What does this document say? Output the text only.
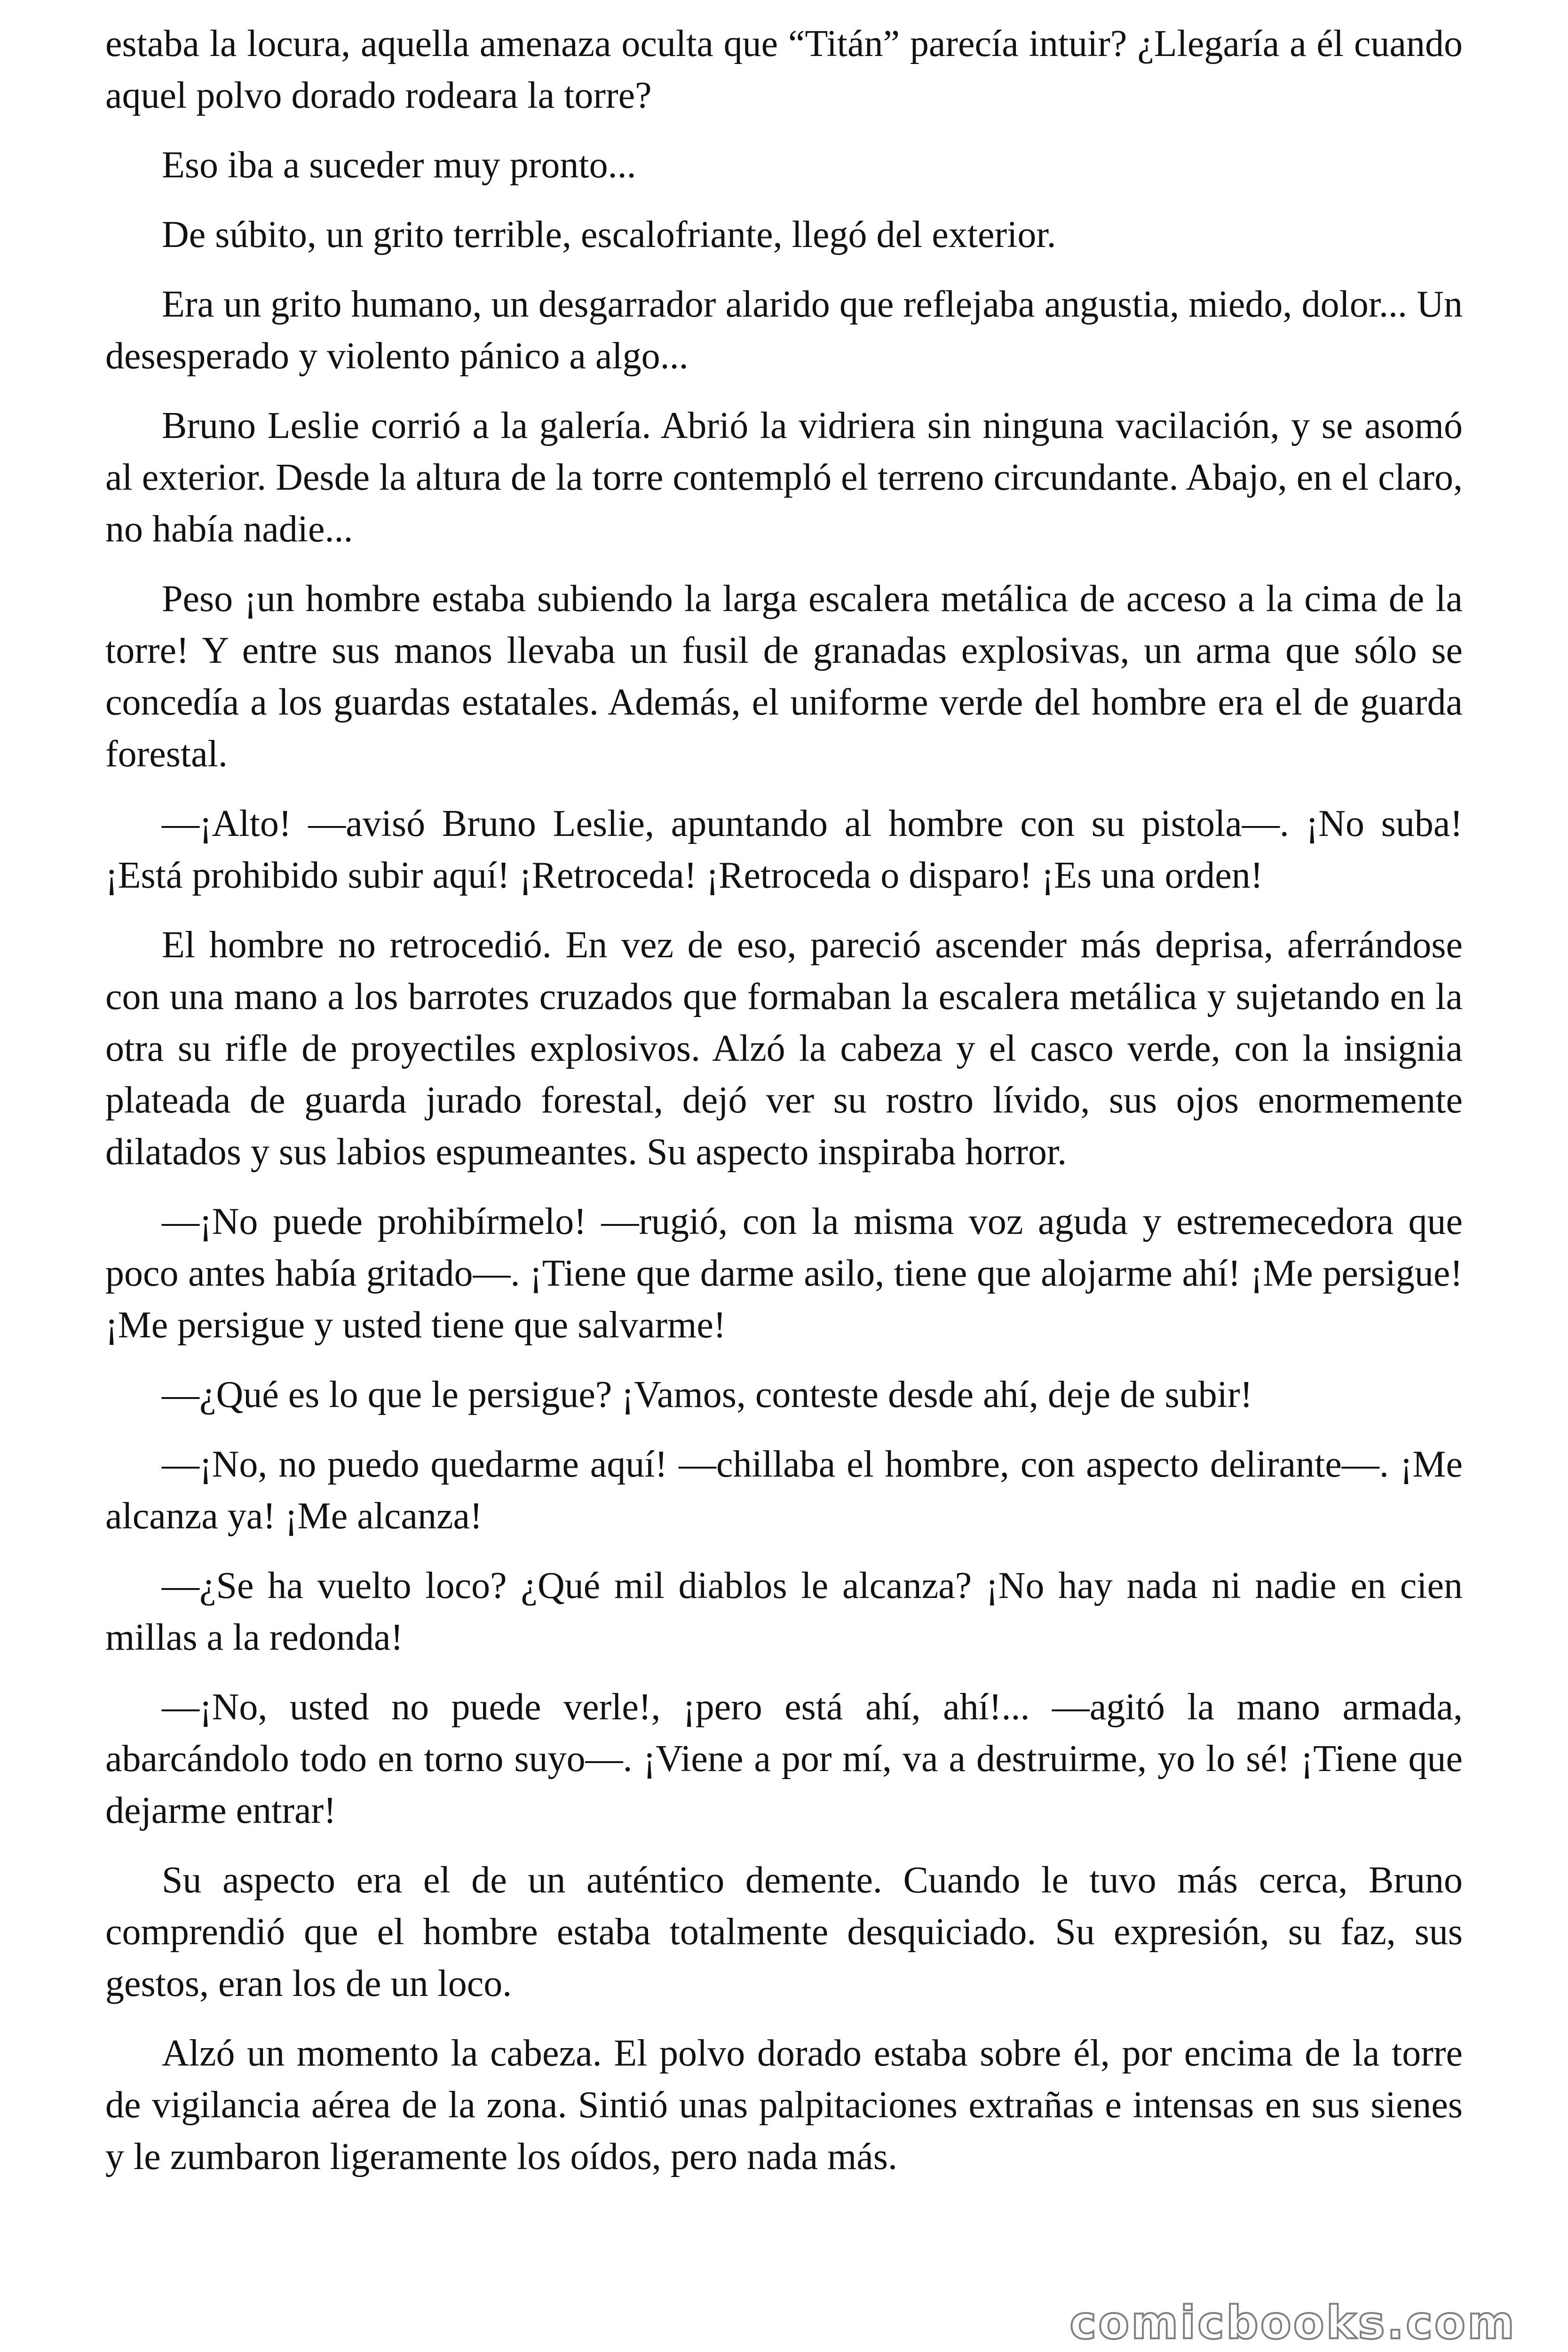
estaba la locura, aquella amenaza oculta que “Titán” parecía intuir? ¿Llegaría a él cuando aquel polvo dorado rodeara la torre?

Eso iba a suceder muy pronto...

De súbito, un grito terrible, escalofriante, llegó del exterior.

Era un grito humano, un desgarrador alarido que reflejaba angustia, miedo, dolor... Un desesperado y violento pánico a algo...

Bruno Leslie corrió a la galería. Abrió la vidriera sin ninguna vacilación, y se asomó al exterior. Desde la altura de la torre contempló el terreno circundante. Abajo, en el claro, no había nadie...

Peso ¡un hombre estaba subiendo la larga escalera metálica de acceso a la cima de la torre! Y entre sus manos llevaba un fusil de granadas explosivas, un arma que sólo se concedía a los guardas estatales. Además, el uniforme verde del hombre era el de guarda forestal.

—¡Alto! —avisó Bruno Leslie, apuntando al hombre con su pistola—. ¡No suba! ¡Está prohibido subir aquí! ¡Retroceda! ¡Retroceda o disparo! ¡Es una orden!

El hombre no retrocedió. En vez de eso, pareció ascender más deprisa, aferrándose con una mano a los barrotes cruzados que formaban la escalera metálica y sujetando en la otra su rifle de proyectiles explosivos. Alzó la cabeza y el casco verde, con la insignia plateada de guarda jurado forestal, dejó ver su rostro lívido, sus ojos enormemente dilatados y sus labios espumeantes. Su aspecto inspiraba horror.

—¡No puede prohibírmelo! —rugió, con la misma voz aguda y estremecedora que poco antes había gritado—. ¡Tiene que darme asilo, tiene que alojarme ahí! ¡Me persigue! ¡Me persigue y usted tiene que salvarme!

—¿Qué es lo que le persigue? ¡Vamos, conteste desde ahí, deje de subir!

—¡No, no puedo quedarme aquí! —chillaba el hombre, con aspecto delirante—. ¡Me alcanza ya! ¡Me alcanza!

—¿Se ha vuelto loco? ¿Qué mil diablos le alcanza? ¡No hay nada ni nadie en cien millas a la redonda!

—¡No, usted no puede verle!, ¡pero está ahí, ahí!... —agitó la mano armada, abarcándolo todo en torno suyo—. ¡Viene a por mí, va a destruirme, yo lo sé! ¡Tiene que dejarme entrar!

Su aspecto era el de un auténtico demente. Cuando le tuvo más cerca, Bruno comprendió que el hombre estaba totalmente desquiciado. Su expresión, su faz, sus gestos, eran los de un loco.

Alzó un momento la cabeza. El polvo dorado estaba sobre él, por encima de la torre de vigilancia aérea de la zona. Sintió unas palpitaciones extrañas e intensas en sus sienes y le zumbaron ligeramente los oídos, pero nada más.

comicbooks.com
